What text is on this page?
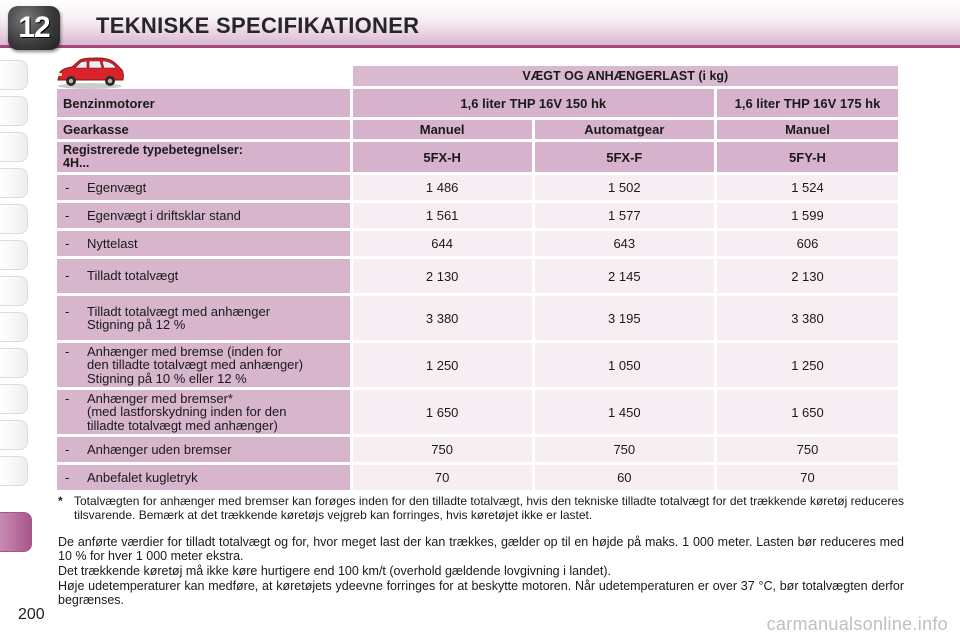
12	TEKNISKE SPECIFIKATIONER
	VÆGT OG ANHÆNGERLAST (i kg)		
Benzinmotorer	1,6 liter THP 16V 150 hk		1,6 liter THP 16V 175 hk
Gearkasse	Manuel	Automatgear	Manuel
Registrerede typebetegnelser:
4H...	5FX-H	5FX-F	5FY-H

- Egenvægt	1 486	1 502	1 524

- Egenvægt i driftsklar stand	1 561	1 577	1 599

- Nyttelast	644	643	606

- Tilladt totalvægt	2 130	2 145	2 130

- Tilladt totalvægt med anhænger
Stigning på 12 %	3 380	3 195	3 380

- Anhænger med bremse (inden for
den tilladte totalvægt med anhænger)
Stigning på 10 % eller 12 %	1 250	1 050	1 250

- Anhænger med bremser*
(med lastforskydning inden for den
tilladte totalvægt med anhænger)	1 650	1 450	1 650

- Anhænger uden bremser	750	750	750

- Anbefalet kugletryk	70	60	70
* Totalvægten for anhænger med bremser kan forøges inden for den tilladte totalvægt, hvis den tekniske tilladte totalvægt for det trækkende køretøj reduceres tilsvarende. Bemærk at det trækkende køretøjs vejgreb kan forringes, hvis køretøjet ikke er lastet.
De anførte værdier for tilladt totalvægt og for, hvor meget last der kan trækkes, gælder op til en højde på maks. 1 000 meter. Lasten bør reduceres med 10 % for hver 1 000 meter ekstra.
Det trækkende køretøj må ikke køre hurtigere end 100 km/t (overhold gældende lovgivning i landet).
Høje udetemperaturer kan medføre, at køretøjets ydeevne forringes for at beskytte motoren. Når udetemperaturen er over 37 °C, bør totalvægten derfor begrænses.
200	carmanualsonline.info
